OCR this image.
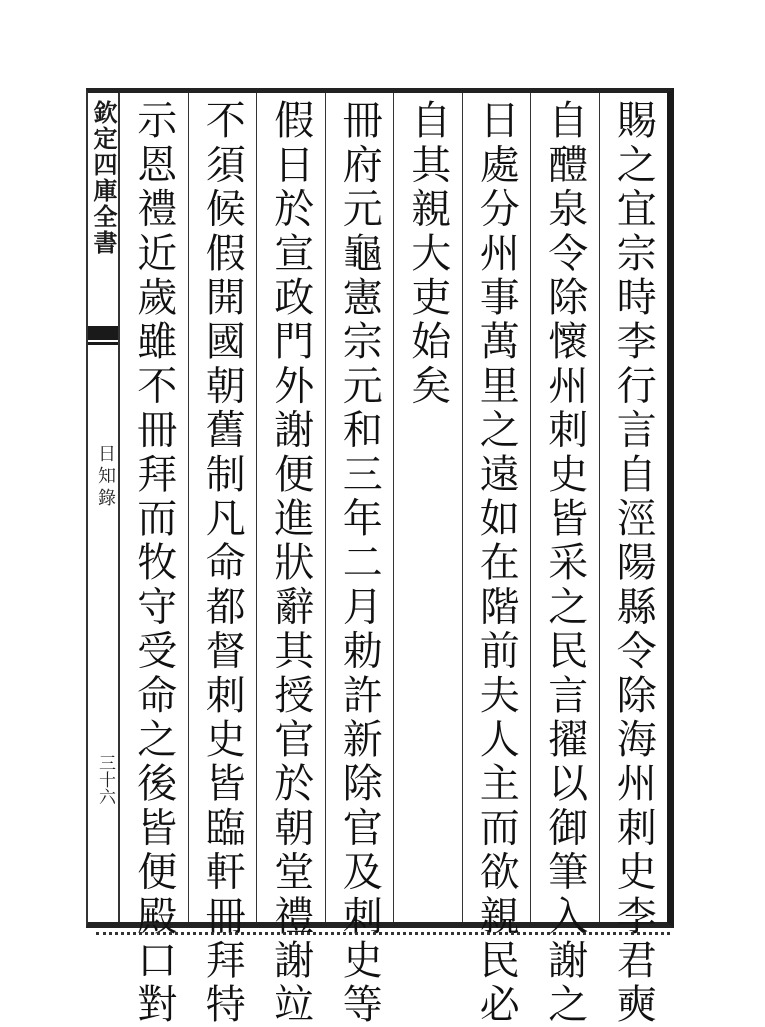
欽定四庫全書
日知錄
三十六	賜之宜宗時李行言自涇陽縣令除海州刺史李君奭
自醴泉令除懷州刺史皆采之民言擢以御筆入謝之
日處分州事萬里之遠如在階前夫人主而欲親民必
自其親大吏始矣
冊府元龜憲宗元和三年二月勅許新除官及刺史等
假日於宣政門外謝便進狀辭其授官於朝堂禮謝竝
不須候假開國朝舊制凡命都督刺史皆臨軒冊拜特
示恩禮近歲雖不冊拜而牧守受命之後皆便殿口對
